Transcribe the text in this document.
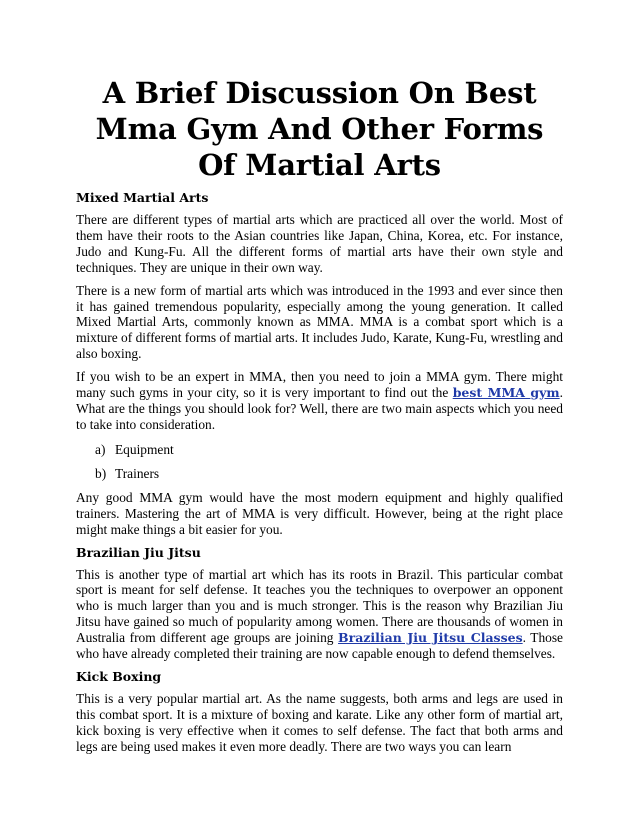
A Brief Discussion On Best Mma Gym And Other Forms Of Martial Arts
Mixed Martial Arts

There are different types of martial arts which are practiced all over the world. Most of them have their roots to the Asian countries like Japan, China, Korea, etc. For instance, Judo and Kung-Fu. All the different forms of martial arts have their own style and techniques. They are unique in their own way.

There is a new form of martial arts which was introduced in the 1993 and ever since then it has gained tremendous popularity, especially among the young generation. It called Mixed Martial Arts, commonly known as MMA. MMA is a combat sport which is a mixture of different forms of martial arts. It includes Judo, Karate, Kung-Fu, wrestling and also boxing.

If you wish to be an expert in MMA, then you need to join a MMA gym. There might many such gyms in your city, so it is very important to find out the best MMA gym. What are the things you should look for? Well, there are two main aspects which you need to take into consideration.

a) Equipment
b) Trainers

Any good MMA gym would have the most modern equipment and highly qualified trainers. Mastering the art of MMA is very difficult. However, being at the right place might make things a bit easier for you.

Brazilian Jiu Jitsu

This is another type of martial art which has its roots in Brazil. This particular combat sport is meant for self defense. It teaches you the techniques to overpower an opponent who is much larger than you and is much stronger. This is the reason why Brazilian Jiu Jitsu have gained so much of popularity among women. There are thousands of women in Australia from different age groups are joining Brazilian Jiu Jitsu Classes. Those who have already completed their training are now capable enough to defend themselves.

Kick Boxing

This is a very popular martial art. As the name suggests, both arms and legs are used in this combat sport. It is a mixture of boxing and karate. Like any other form of martial art, kick boxing is very effective when it comes to self defense. The fact that both arms and legs are being used makes it even more deadly. There are two ways you can learn
